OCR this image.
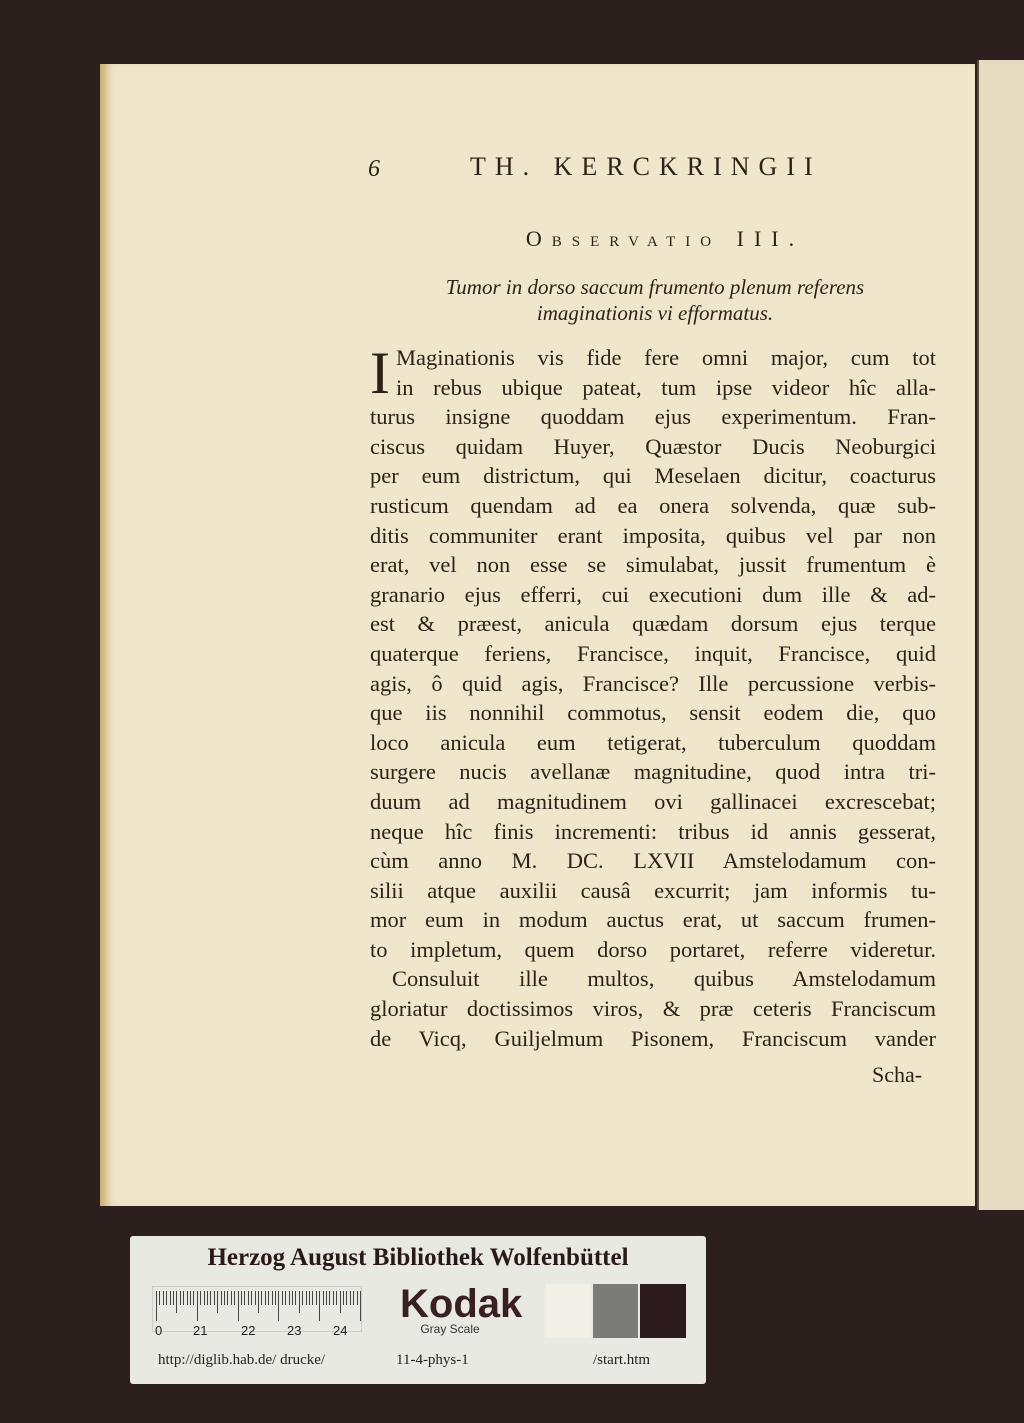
6	TH. KERCKRINGII
Observatio III.
Tumor in dorso saccum frumento plenum referens
imaginationis vi efformatus.
I Maginationis vis fide fere omni major, cum tot
in rebus ubique pateat, tum ipse videor hîc alla-
turus insigne quoddam ejus experimentum. Fran-
ciscus quidam Huyer, Quæstor Ducis Neoburgici
per eum districtum, qui Meselaen dicitur, coacturus
rusticum quendam ad ea onera solvenda, quæ sub-
ditis communiter erant imposita, quibus vel par non
erat, vel non esse se simulabat, jussit frumentum è
granario ejus efferri, cui executioni dum ille & ad-
est & præest, anicula quædam dorsum ejus terque
quaterque feriens, Francisce, inquit, Francisce, quid
agis, ô quid agis, Francisce? Ille percussione verbis-
que iis nonnihil commotus, sensit eodem die, quo
loco anicula eum tetigerat, tuberculum quoddam
surgere nucis avellanæ magnitudine, quod intra tri-
duum ad magnitudinem ovi gallinacei excrescebat;
neque hîc finis incrementi: tribus id annis gesserat,
cùm anno M. DC. LXVII Amstelodamum con-
silii atque auxilii causâ excurrit; jam informis tu-
mor eum in modum auctus erat, ut saccum frumen-
to impletum, quem dorso portaret, referre videretur.
Consuluit ille multos, quibus Amstelodamum
gloriatur doctissimos viros, & præ ceteris Franciscum
de Vicq, Guiljelmum Pisonem, Franciscum vander
Scha-
Herzog August Bibliothek Wolfenbüttel
0 21	22 23 24
Kodak
Gray Scale
http://diglib.hab.de/ drucke/	11-4-phys-1	/start.htm
